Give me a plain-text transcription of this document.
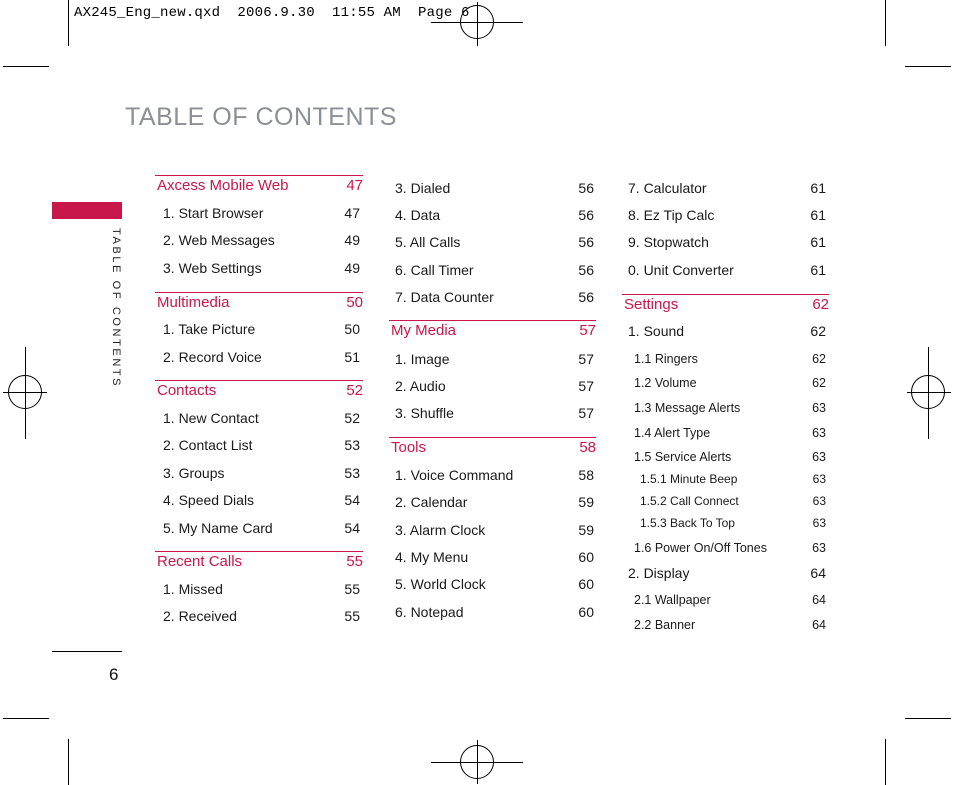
AX245_Eng_new.qxd  2006.9.30  11:55 AM  Page 6
TABLE OF CONTENTS
TABLE OF CONTENTS
6
Axcess Mobile Web	47
1. Start Browser	47
2. Web Messages	49
3. Web Settings	49
Multimedia	50
1. Take Picture	50
2. Record Voice	51
Contacts	52
1. New Contact	52
2. Contact List	53
3. Groups	53
4. Speed Dials	54
5. My Name Card	54
Recent Calls	55
1. Missed	55
2. Received	55
3. Dialed	56
4. Data	56
5. All Calls	56
6. Call Timer	56
7. Data Counter	56
My Media	57
1. Image	57
2. Audio	57
3. Shuffle	57
Tools	58
1. Voice Command	58
2. Calendar	59
3. Alarm Clock	59
4. My Menu	60
5. World Clock	60
6. Notepad	60
7. Calculator	61
8. Ez Tip Calc	61
9. Stopwatch	61
0. Unit Converter	61
Settings	62
1. Sound	62
1.1 Ringers	62
1.2 Volume	62
1.3 Message Alerts	63
1.4 Alert Type	63
1.5 Service Alerts	63
1.5.1 Minute Beep	63
1.5.2 Call Connect	63
1.5.3 Back To Top	63
1.6 Power On/Off Tones	63
2. Display	64
2.1 Wallpaper	64
2.2 Banner	64
